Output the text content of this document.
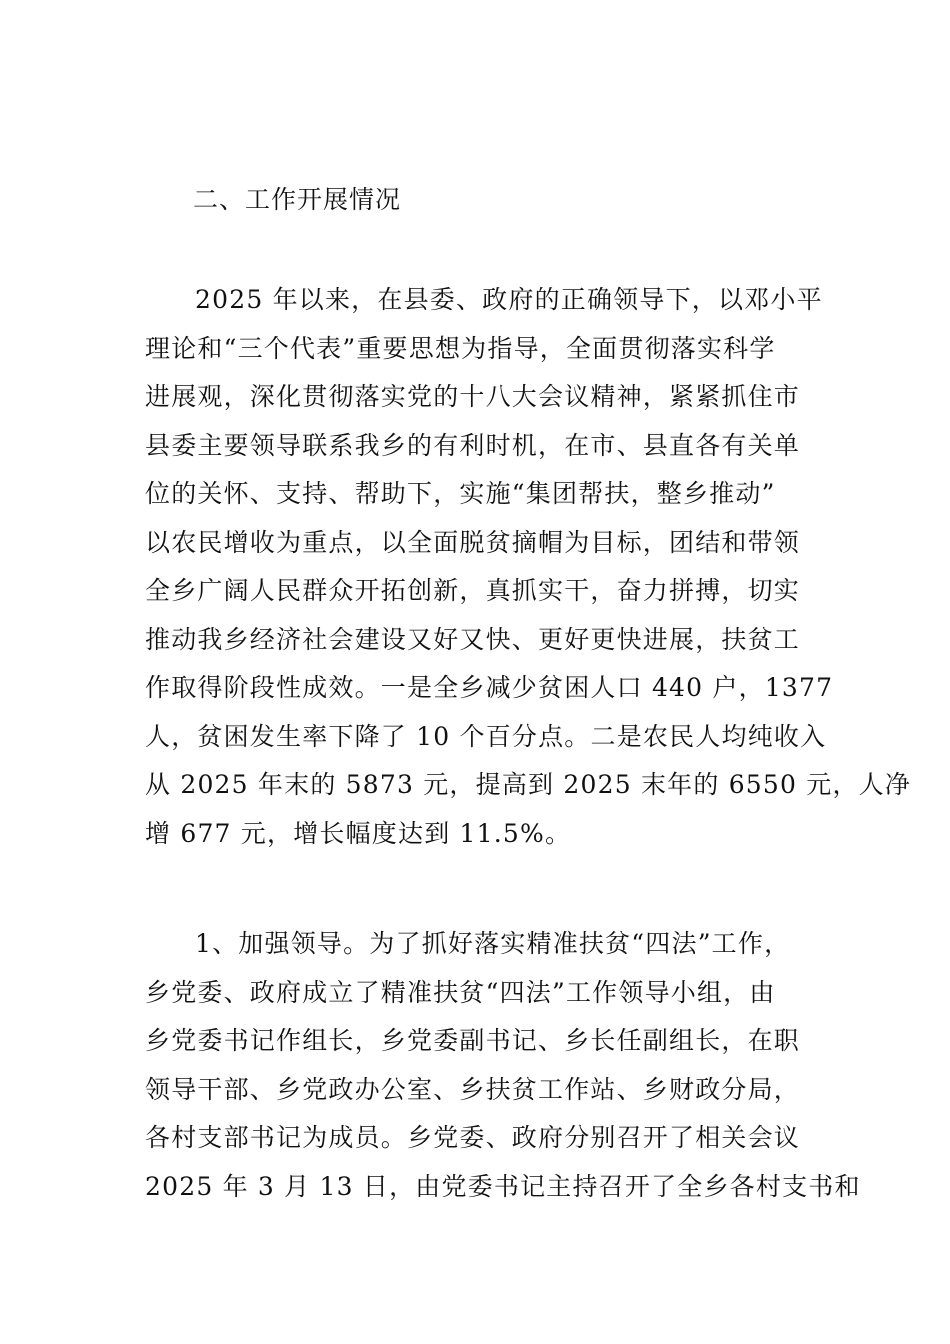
二、工作开展情况
2025 年以来，在县委、政府的正确领导下，以邓小平
理论和“三个代表”重要思想为指导，全面贯彻落实科学
进展观，深化贯彻落实党的十八大会议精神，紧紧抓住市
县委主要领导联系我乡的有利时机，在市、县直各有关单
位的关怀、支持、帮助下，实施“集团帮扶，整乡推动”
以农民增收为重点，以全面脱贫摘帽为目标，团结和带领
全乡广阔人民群众开拓创新，真抓实干，奋力拼搏，切实
推动我乡经济社会建设又好又快、更好更快进展，扶贫工
作取得阶段性成效。一是全乡减少贫困人口 440 户，1377
人，贫困发生率下降了 10 个百分点。二是农民人均纯收入
从 2025 年末的 5873 元，提高到 2025 末年的 6550 元，人净
增 677 元，增长幅度达到 11.5%。
1、加强领导。为了抓好落实精准扶贫“四法”工作，
乡党委、政府成立了精准扶贫“四法”工作领导小组，由
乡党委书记作组长，乡党委副书记、乡长任副组长，在职
领导干部、乡党政办公室、乡扶贫工作站、乡财政分局，
各村支部书记为成员。乡党委、政府分别召开了相关会议
2025 年 3 月 13 日，由党委书记主持召开了全乡各村支书和
